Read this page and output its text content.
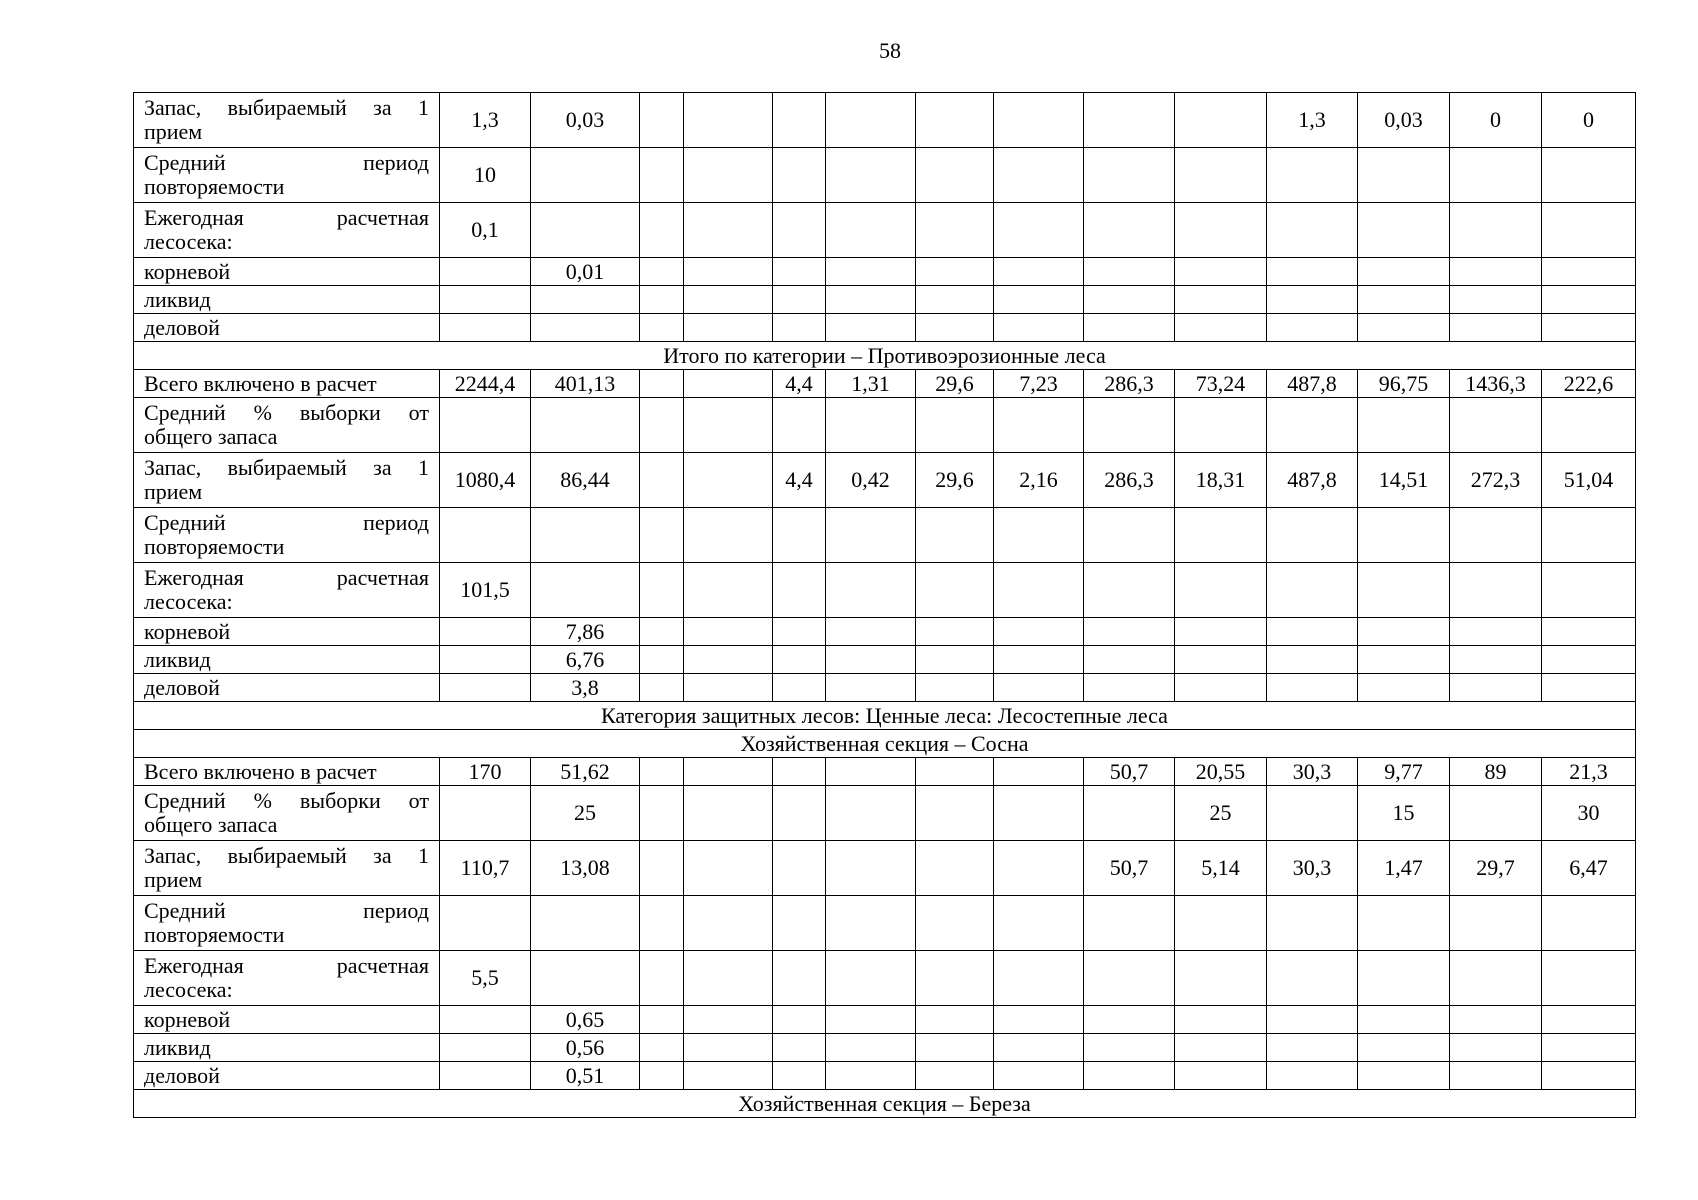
58
Запас, выбираемый за 1 прием	1,3	0,03									1,3	0,03	0	0
Средний период повторяемости	10													
Ежегодная расчетная лесосека:	0,1													
корневой		0,01												
ликвид														
деловой														
Итого по категории – Противоэрозионные леса														
Всего включено в расчет	2244,4	401,13			4,4	1,31	29,6	7,23	286,3	73,24	487,8	96,75	1436,3	222,6
Средний % выборки от общего запаса														
Запас, выбираемый за 1 прием	1080,4	86,44			4,4	0,42	29,6	2,16	286,3	18,31	487,8	14,51	272,3	51,04
Средний период повторяемости														
Ежегодная расчетная лесосека:	101,5													
корневой		7,86												
ликвид		6,76												
деловой		3,8												
Категория защитных лесов: Ценные леса: Лесостепные леса														
Хозяйственная секция – Сосна														
Всего включено в расчет	170	51,62							50,7	20,55	30,3	9,77	89	21,3
Средний % выборки от общего запаса		25								25		15		30
Запас, выбираемый за 1 прием	110,7	13,08							50,7	5,14	30,3	1,47	29,7	6,47
Средний период повторяемости														
Ежегодная расчетная лесосека:	5,5													
корневой		0,65												
ликвид		0,56												
деловой		0,51												
Хозяйственная секция – Береза														
